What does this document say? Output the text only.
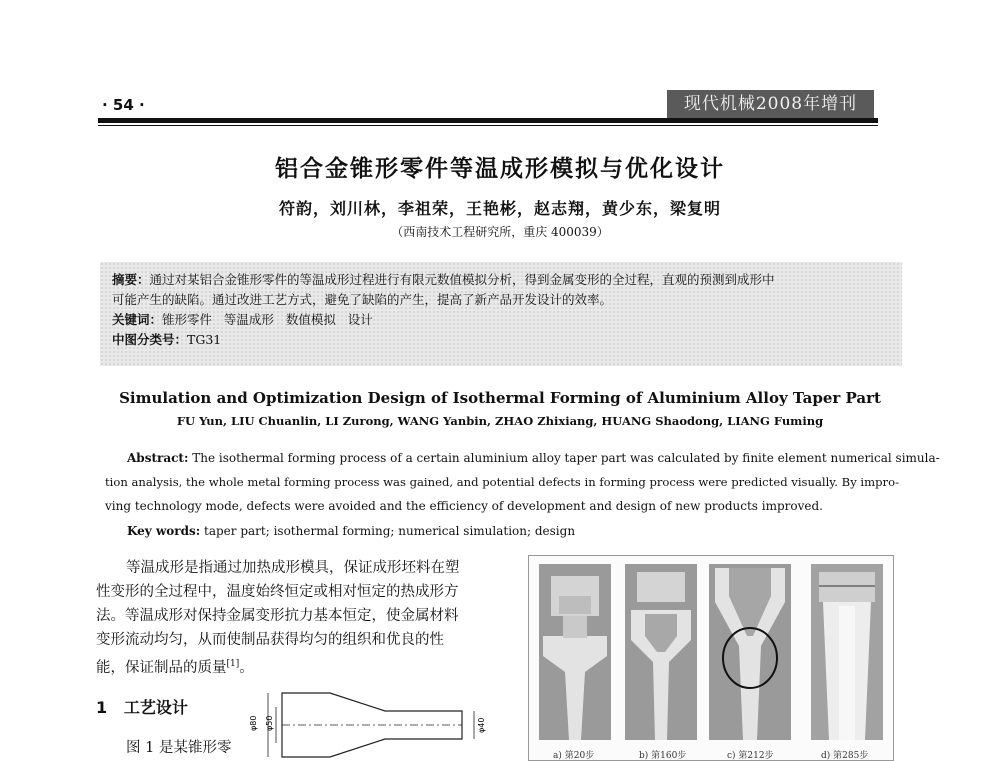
· 54 ·	现代机械2008年增刊
铝合金锥形零件等温成形模拟与优化设计
符韵，刘川林，李祖荣，王艳彬，赵志翔，黄少东，梁复明
（西南技术工程研究所，重庆 400039）
摘要：通过对某铝合金锥形零件的等温成形过程进行有限元数值模拟分析，得到金属变形的全过程，直观的预测到成形中
可能产生的缺陷。通过改进工艺方式，避免了缺陷的产生，提高了新产品开发设计的效率。
关键词：锥形零件   等温成形   数值模拟   设计
中图分类号：TG31
Simulation and Optimization Design of Isothermal Forming of Aluminium Alloy Taper Part
FU Yun, LIU Chuanlin, LI Zurong, WANG Yanbin, ZHAO Zhixiang, HUANG Shaodong, LIANG Fuming
Abstract: The isothermal forming process of a certain aluminium alloy taper part was calculated by finite element numerical simula-
tion analysis, the whole metal forming process was gained, and potential defects in forming process were predicted visually. By impro-
ving technology mode, defects were avoided and the efficiency of development and design of new products improved.
Key words: taper part; isothermal forming; numerical simulation; design
等温成形是指通过加热成形模具，保证成形坯料在塑
性变形的全过程中，温度始终恒定或相对恒定的热成形方
法。等温成形对保持金属变形抗力基本恒定，使金属材料
变形流动均匀，从而使制品获得均匀的组织和优良的性
能，保证制品的质量[1]。
1   工艺设计
图 1 是某锥形零
φ80 φ50	φ40
a) 第20步	b) 第160步	c) 第212步	d) 第285步
